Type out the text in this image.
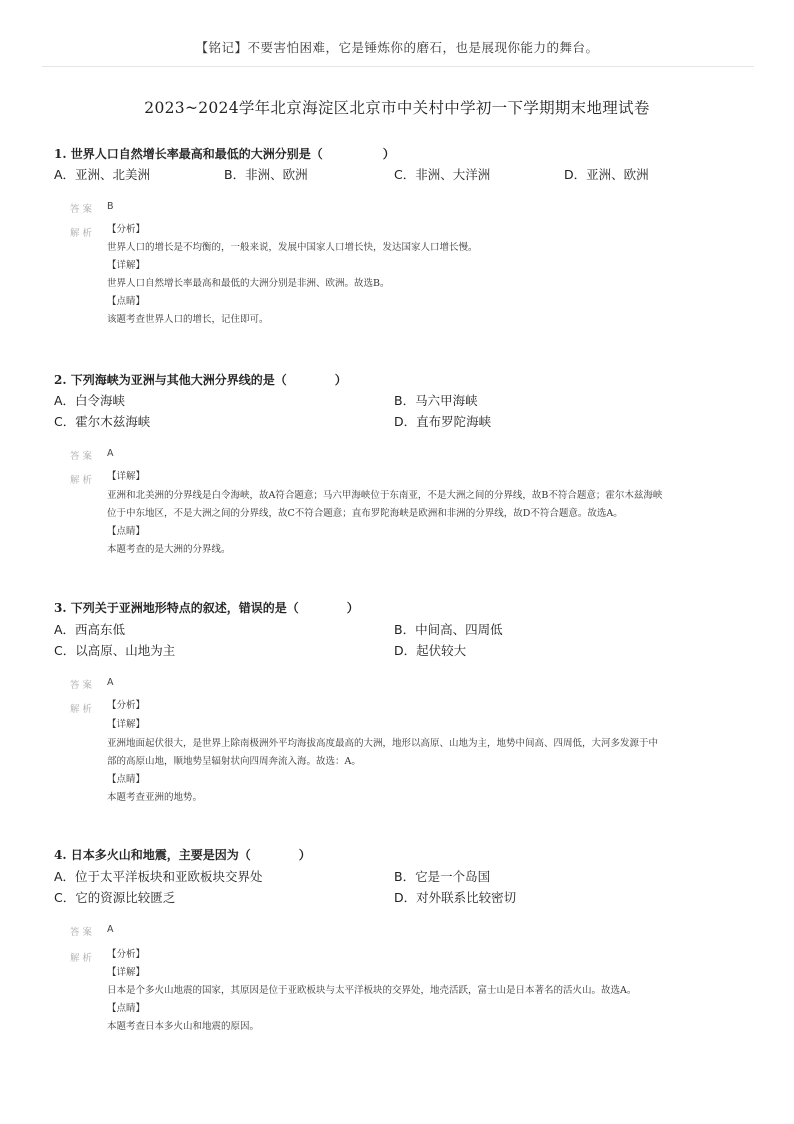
【铭记】不要害怕困难，它是锤炼你的磨石，也是展现你能力的舞台。
2023~2024学年北京海淀区北京市中关村中学初一下学期期末地理试卷
1. 世界人口自然增长率最高和最低的大洲分别是（　　　　　）
A．亚洲、北美洲	B．非洲、欧洲	C．非洲、大洋洲	D．亚洲、欧洲
答案 B
解析 【分析】
世界人口的增长是不均衡的，一般来说，发展中国家人口增长快，发达国家人口增长慢。
【详解】
世界人口自然增长率最高和最低的大洲分别是非洲、欧洲。故选B。
【点睛】
该题考查世界人口的增长，记住即可。
2. 下列海峡为亚洲与其他大洲分界线的是（　　　　）
A．白令海峡	B．马六甲海峡
C．霍尔木兹海峡	D．直布罗陀海峡
答案 A
解析 【详解】
亚洲和北美洲的分界线是白令海峡，故A符合题意；马六甲海峡位于东南亚，不是大洲之间的分界线，故B不符合题意；霍尔木兹海峡
位于中东地区，不是大洲之间的分界线，故C不符合题意；直布罗陀海峡是欧洲和非洲的分界线，故D不符合题意。故选A。
【点睛】
本题考查的是大洲的分界线。
3. 下列关于亚洲地形特点的叙述，错误的是（　　　　）
A．西高东低	B．中间高、四周低
C．以高原、山地为主	D．起伏较大
答案 A
解析 【分析】
【详解】
亚洲地面起伏很大，是世界上除南极洲外平均海拔高度最高的大洲，地形以高原、山地为主，地势中间高、四周低，大河多发源于中
部的高原山地，顺地势呈辐射状向四周奔流入海。故选：A。
【点睛】
本题考查亚洲的地势。
4. 日本多火山和地震，主要是因为（　　　　）
A．位于太平洋板块和亚欧板块交界处	B．它是一个岛国
C．它的资源比较匮乏	D．对外联系比较密切
答案 A
解析 【分析】
【详解】
日本是个多火山地震的国家，其原因是位于亚欧板块与太平洋板块的交界处，地壳活跃，富士山是日本著名的活火山。故选A。
【点睛】
本题考查日本多火山和地震的原因。
